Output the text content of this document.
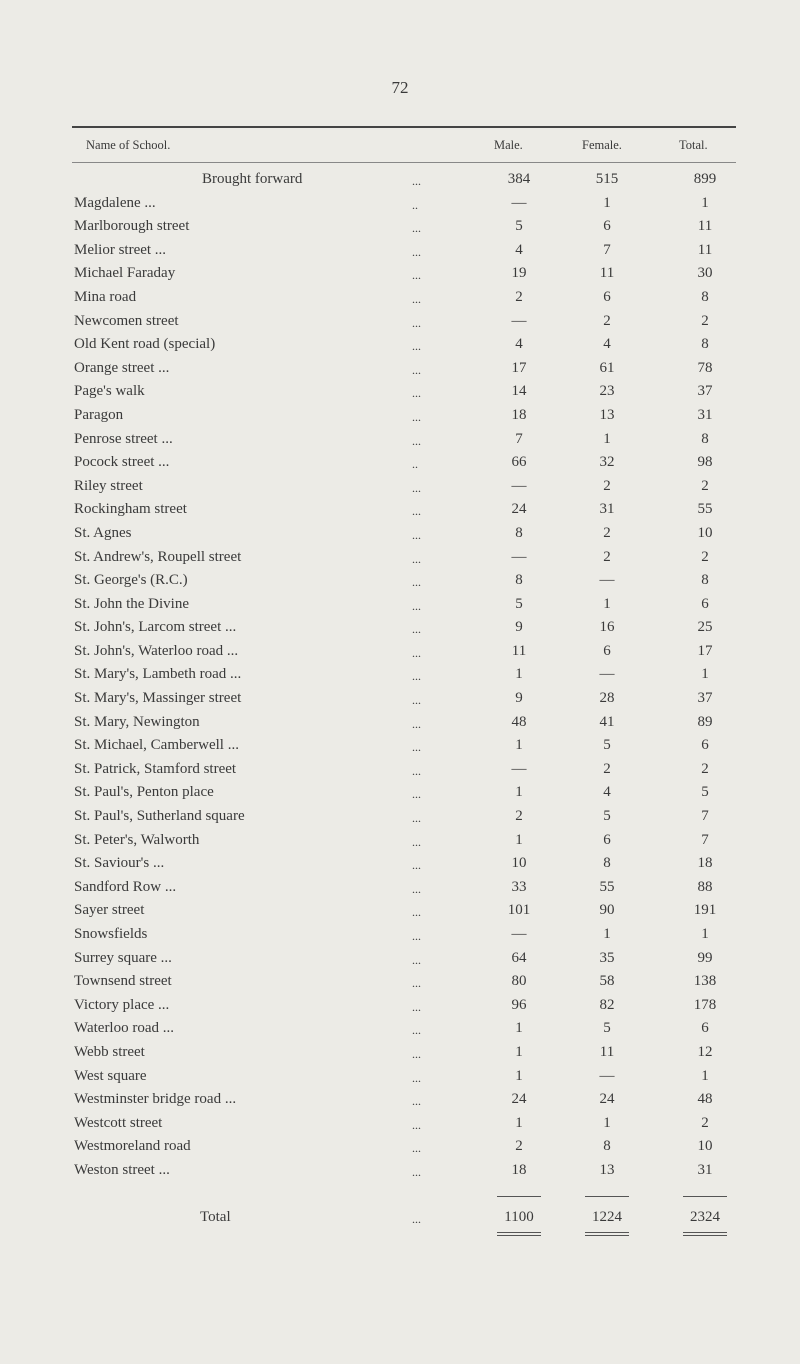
72
Name of School.	Male.	Female.	Total.
Brought forward	...	384	515	899
Magdalene ...	..	—	1	1
Marlborough street	...	5	6	11
Melior street ...	...	4	7	11
Michael Faraday	...	19	11	30
Mina road	...	2	6	8
Newcomen street	...	—	2	2
Old Kent road (special)	...	4	4	8
Orange street ...	...	17	61	78
Page's walk	...	14	23	37
Paragon	...	18	13	31
Penrose street ...	...	7	1	8
Pocock street ...	..	66	32	98
Riley street	...	—	2	2
Rockingham street	...	24	31	55
St. Agnes	...	8	2	10
St. Andrew's, Roupell street	...	—	2	2
St. George's (R.C.)	...	8	—	8
St. John the Divine	...	5	1	6
St. John's, Larcom street ...	...	9	16	25
St. John's, Waterloo road ...	...	11	6	17
St. Mary's, Lambeth road ...	...	1	—	1
St. Mary's, Massinger street	...	9	28	37
St. Mary, Newington	...	48	41	89
St. Michael, Camberwell ...	...	1	5	6
St. Patrick, Stamford street	...	—	2	2
St. Paul's, Penton place	...	1	4	5
St. Paul's, Sutherland square	...	2	5	7
St. Peter's, Walworth	...	1	6	7
St. Saviour's ...	...	10	8	18
Sandford Row ...	...	33	55	88
Sayer street	...	101	90	191
Snowsfields	...	—	1	1
Surrey square ...	...	64	35	99
Townsend street	...	80	58	138
Victory place ...	...	96	82	178
Waterloo road ...	...	1	5	6
Webb street	...	1	11	12
West square	...	1	—	1
Westminster bridge road ...	...	24	24	48
Westcott street	...	1	1	2
Westmoreland road	...	2	8	10
Weston street ...	...	18	13	31
Total	...	1100	1224	2324
